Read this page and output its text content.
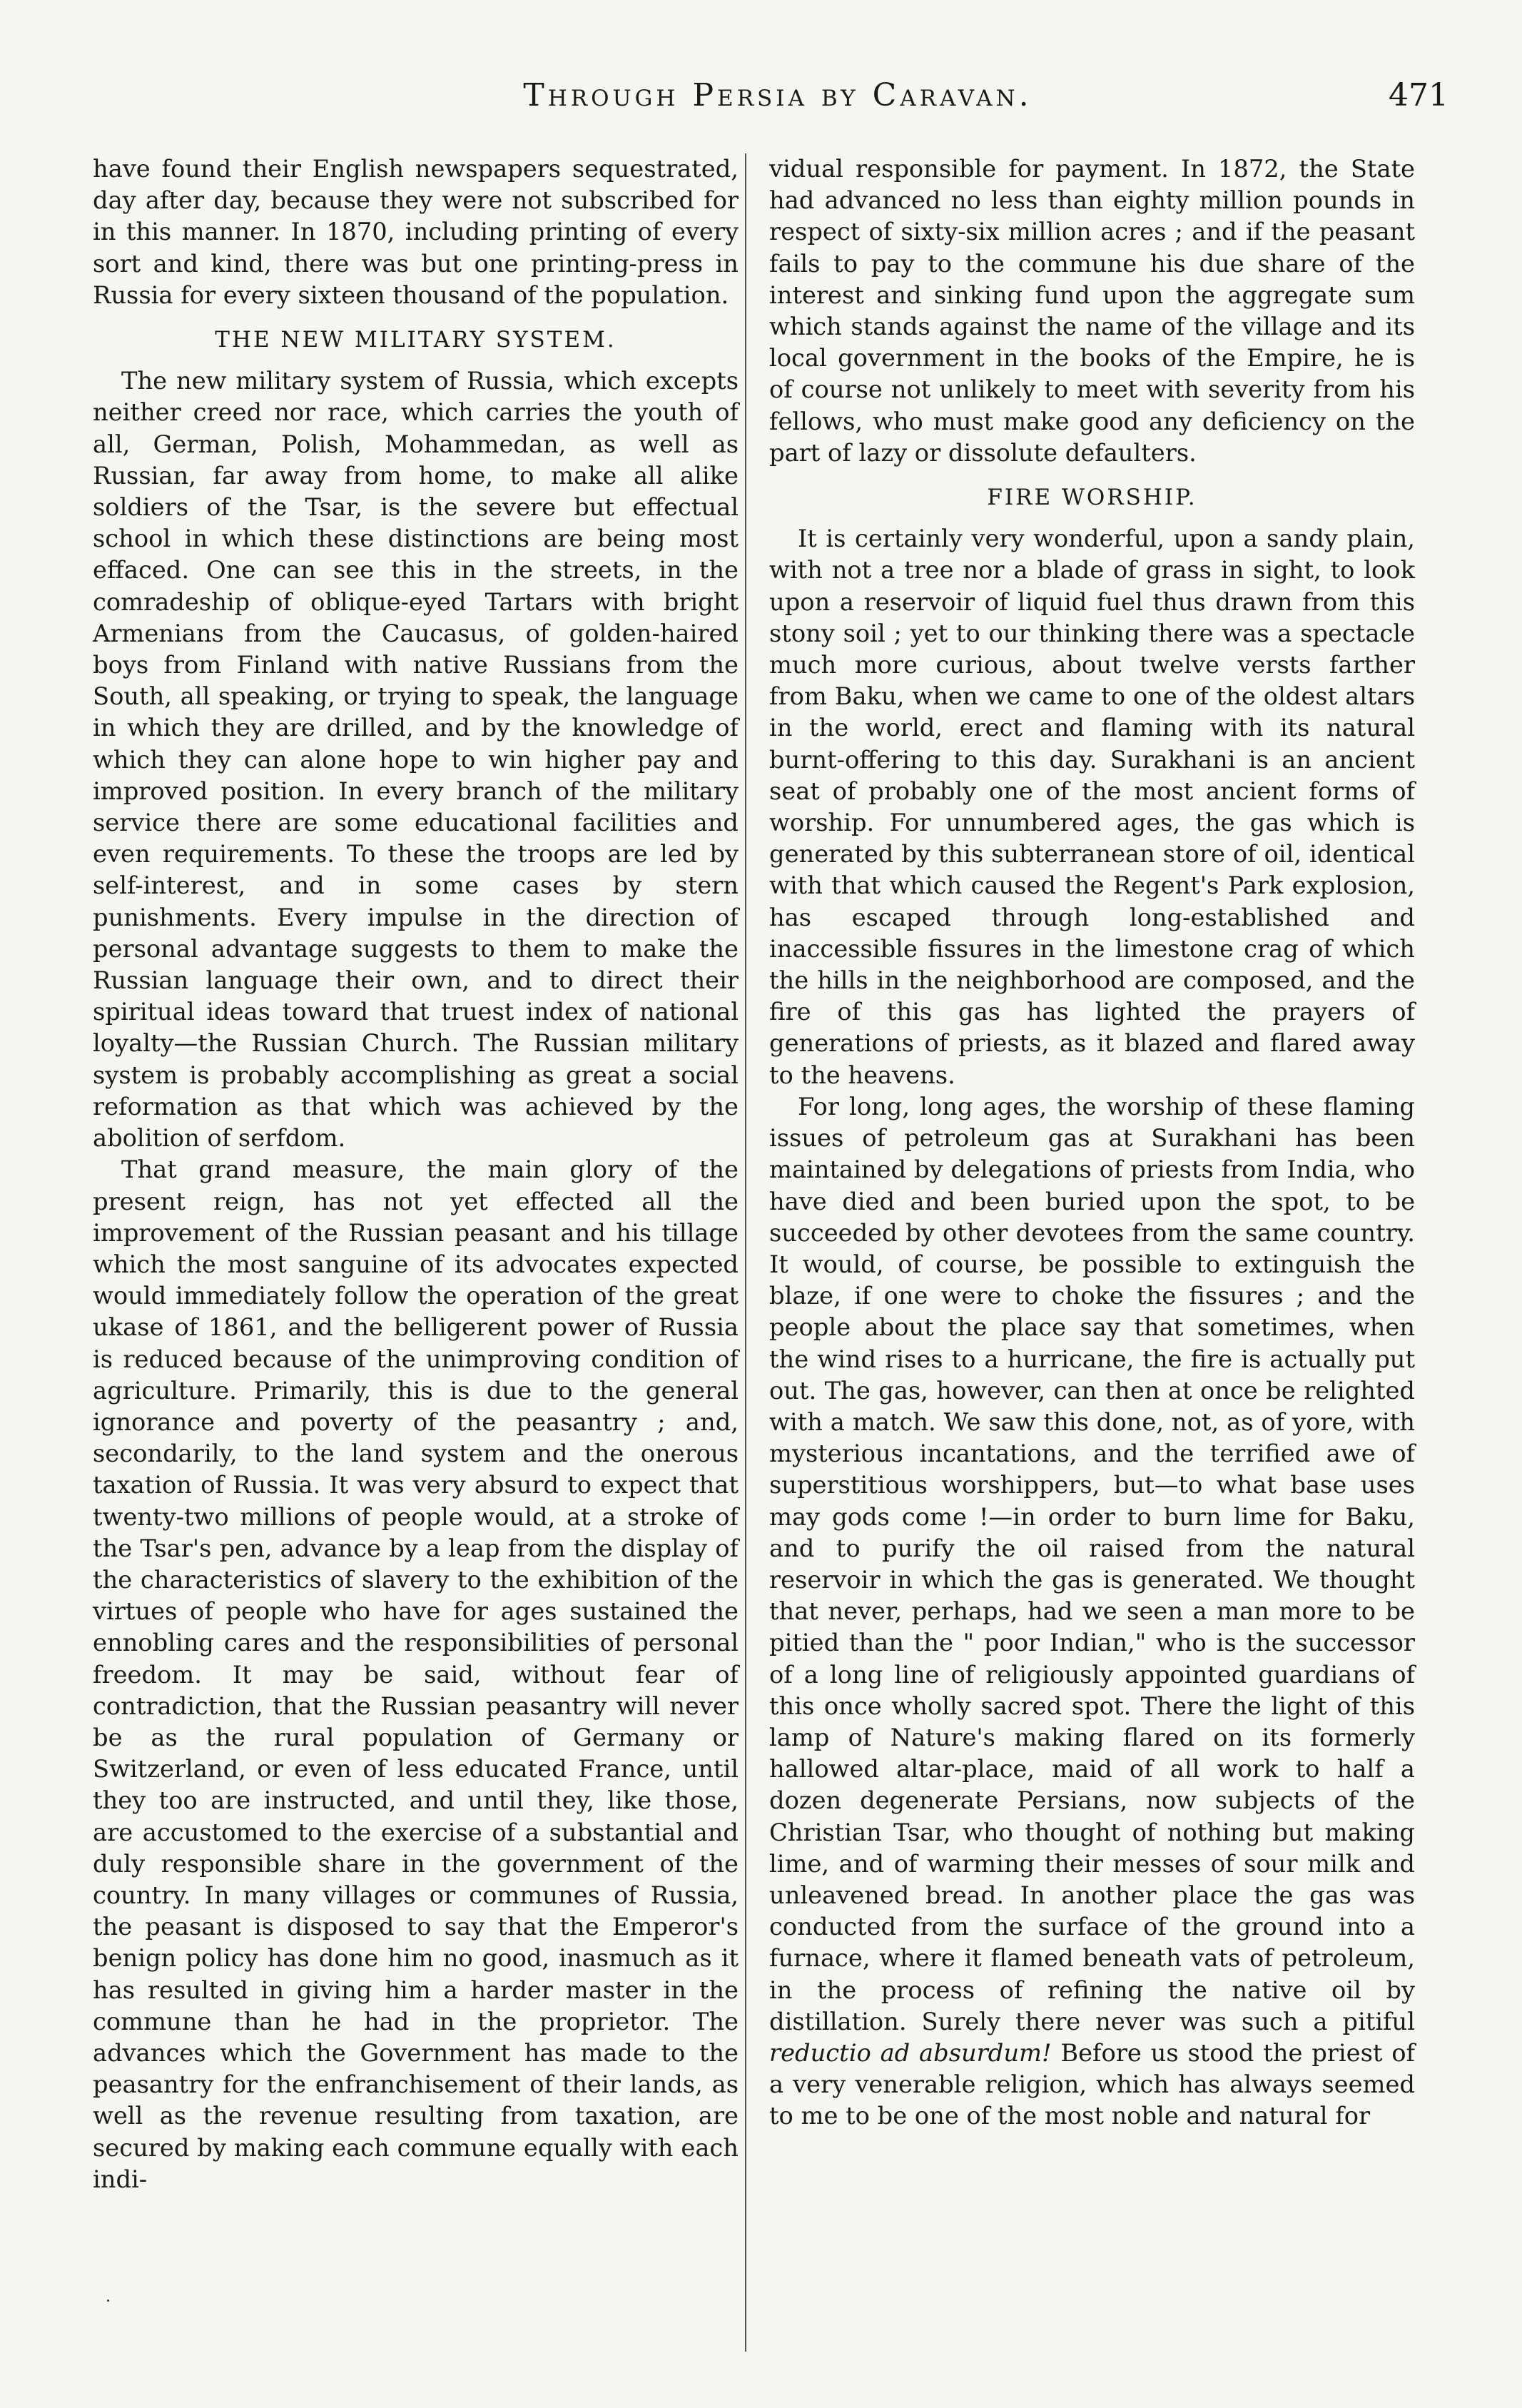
Through Persia by Caravan.	471

have found their English newspapers sequestrated, day after day, because they were not subscribed for in this manner. In 1870, including printing of every sort and kind, there was but one printing-press in Russia for every sixteen thousand of the population.

THE NEW MILITARY SYSTEM.

The new military system of Russia, which excepts neither creed nor race, which carries the youth of all, German, Polish, Mohammedan, as well as Russian, far away from home, to make all alike soldiers of the Tsar, is the severe but effectual school in which these distinctions are being most effaced. One can see this in the streets, in the comradeship of oblique-eyed Tartars with bright Armenians from the Caucasus, of golden-haired boys from Finland with native Russians from the South, all speaking, or trying to speak, the language in which they are drilled, and by the knowledge of which they can alone hope to win higher pay and improved position. In every branch of the military service there are some educational facilities and even requirements. To these the troops are led by self-interest, and in some cases by stern punishments. Every impulse in the direction of personal advantage suggests to them to make the Russian language their own, and to direct their spiritual ideas toward that truest index of national loyalty—the Russian Church. The Russian military system is probably accomplishing as great a social reformation as that which was achieved by the abolition of serfdom.

That grand measure, the main glory of the present reign, has not yet effected all the improvement of the Russian peasant and his tillage which the most sanguine of its advocates expected would immediately follow the operation of the great ukase of 1861, and the belligerent power of Russia is reduced because of the unimproving condition of agriculture. Primarily, this is due to the general ignorance and poverty of the peasantry ; and, secondarily, to the land system and the onerous taxation of Russia. It was very absurd to expect that twenty-two millions of people would, at a stroke of the Tsar's pen, advance by a leap from the display of the characteristics of slavery to the exhibition of the virtues of people who have for ages sustained the ennobling cares and the responsibilities of personal freedom. It may be said, without fear of contradiction, that the Russian peasantry will never be as the rural population of Germany or Switzerland, or even of less educated France, until they too are instructed, and until they, like those, are accustomed to the exercise of a substantial and duly responsible share in the government of the country. In many villages or communes of Russia, the peasant is disposed to say that the Emperor's benign policy has done him no good, inasmuch as it has resulted in giving him a harder master in the commune than he had in the proprietor. The advances which the Government has made to the peasantry for the enfranchisement of their lands, as well as the revenue resulting from taxation, are secured by making each commune equally with each indi-

vidual responsible for payment. In 1872, the State had advanced no less than eighty million pounds in respect of sixty-six million acres ; and if the peasant fails to pay to the commune his due share of the interest and sinking fund upon the aggregate sum which stands against the name of the village and its local government in the books of the Empire, he is of course not unlikely to meet with severity from his fellows, who must make good any deficiency on the part of lazy or dissolute defaulters.

FIRE WORSHIP.

It is certainly very wonderful, upon a sandy plain, with not a tree nor a blade of grass in sight, to look upon a reservoir of liquid fuel thus drawn from this stony soil ; yet to our thinking there was a spectacle much more curious, about twelve versts farther from Baku, when we came to one of the oldest altars in the world, erect and flaming with its natural burnt-offering to this day. Surakhani is an ancient seat of probably one of the most ancient forms of worship. For unnumbered ages, the gas which is generated by this subterranean store of oil, identical with that which caused the Regent's Park explosion, has escaped through long-established and inaccessible fissures in the limestone crag of which the hills in the neighborhood are composed, and the fire of this gas has lighted the prayers of generations of priests, as it blazed and flared away to the heavens.

For long, long ages, the worship of these flaming issues of petroleum gas at Surakhani has been maintained by delegations of priests from India, who have died and been buried upon the spot, to be succeeded by other devotees from the same country. It would, of course, be possible to extinguish the blaze, if one were to choke the fissures ; and the people about the place say that sometimes, when the wind rises to a hurricane, the fire is actually put out. The gas, however, can then at once be relighted with a match. We saw this done, not, as of yore, with mysterious incantations, and the terrified awe of superstitious worshippers, but—to what base uses may gods come !—in order to burn lime for Baku, and to purify the oil raised from the natural reservoir in which the gas is generated. We thought that never, perhaps, had we seen a man more to be pitied than the " poor Indian," who is the successor of a long line of religiously appointed guardians of this once wholly sacred spot. There the light of this lamp of Nature's making flared on its formerly hallowed altar-place, maid of all work to half a dozen degenerate Persians, now subjects of the Christian Tsar, who thought of nothing but making lime, and of warming their messes of sour milk and unleavened bread. In another place the gas was conducted from the surface of the ground into a furnace, where it flamed beneath vats of petroleum, in the process of refining the native oil by distillation. Surely there never was such a pitiful reductio ad absurdum! Before us stood the priest of a very venerable religion, which has always seemed to me to be one of the most noble and natural for
